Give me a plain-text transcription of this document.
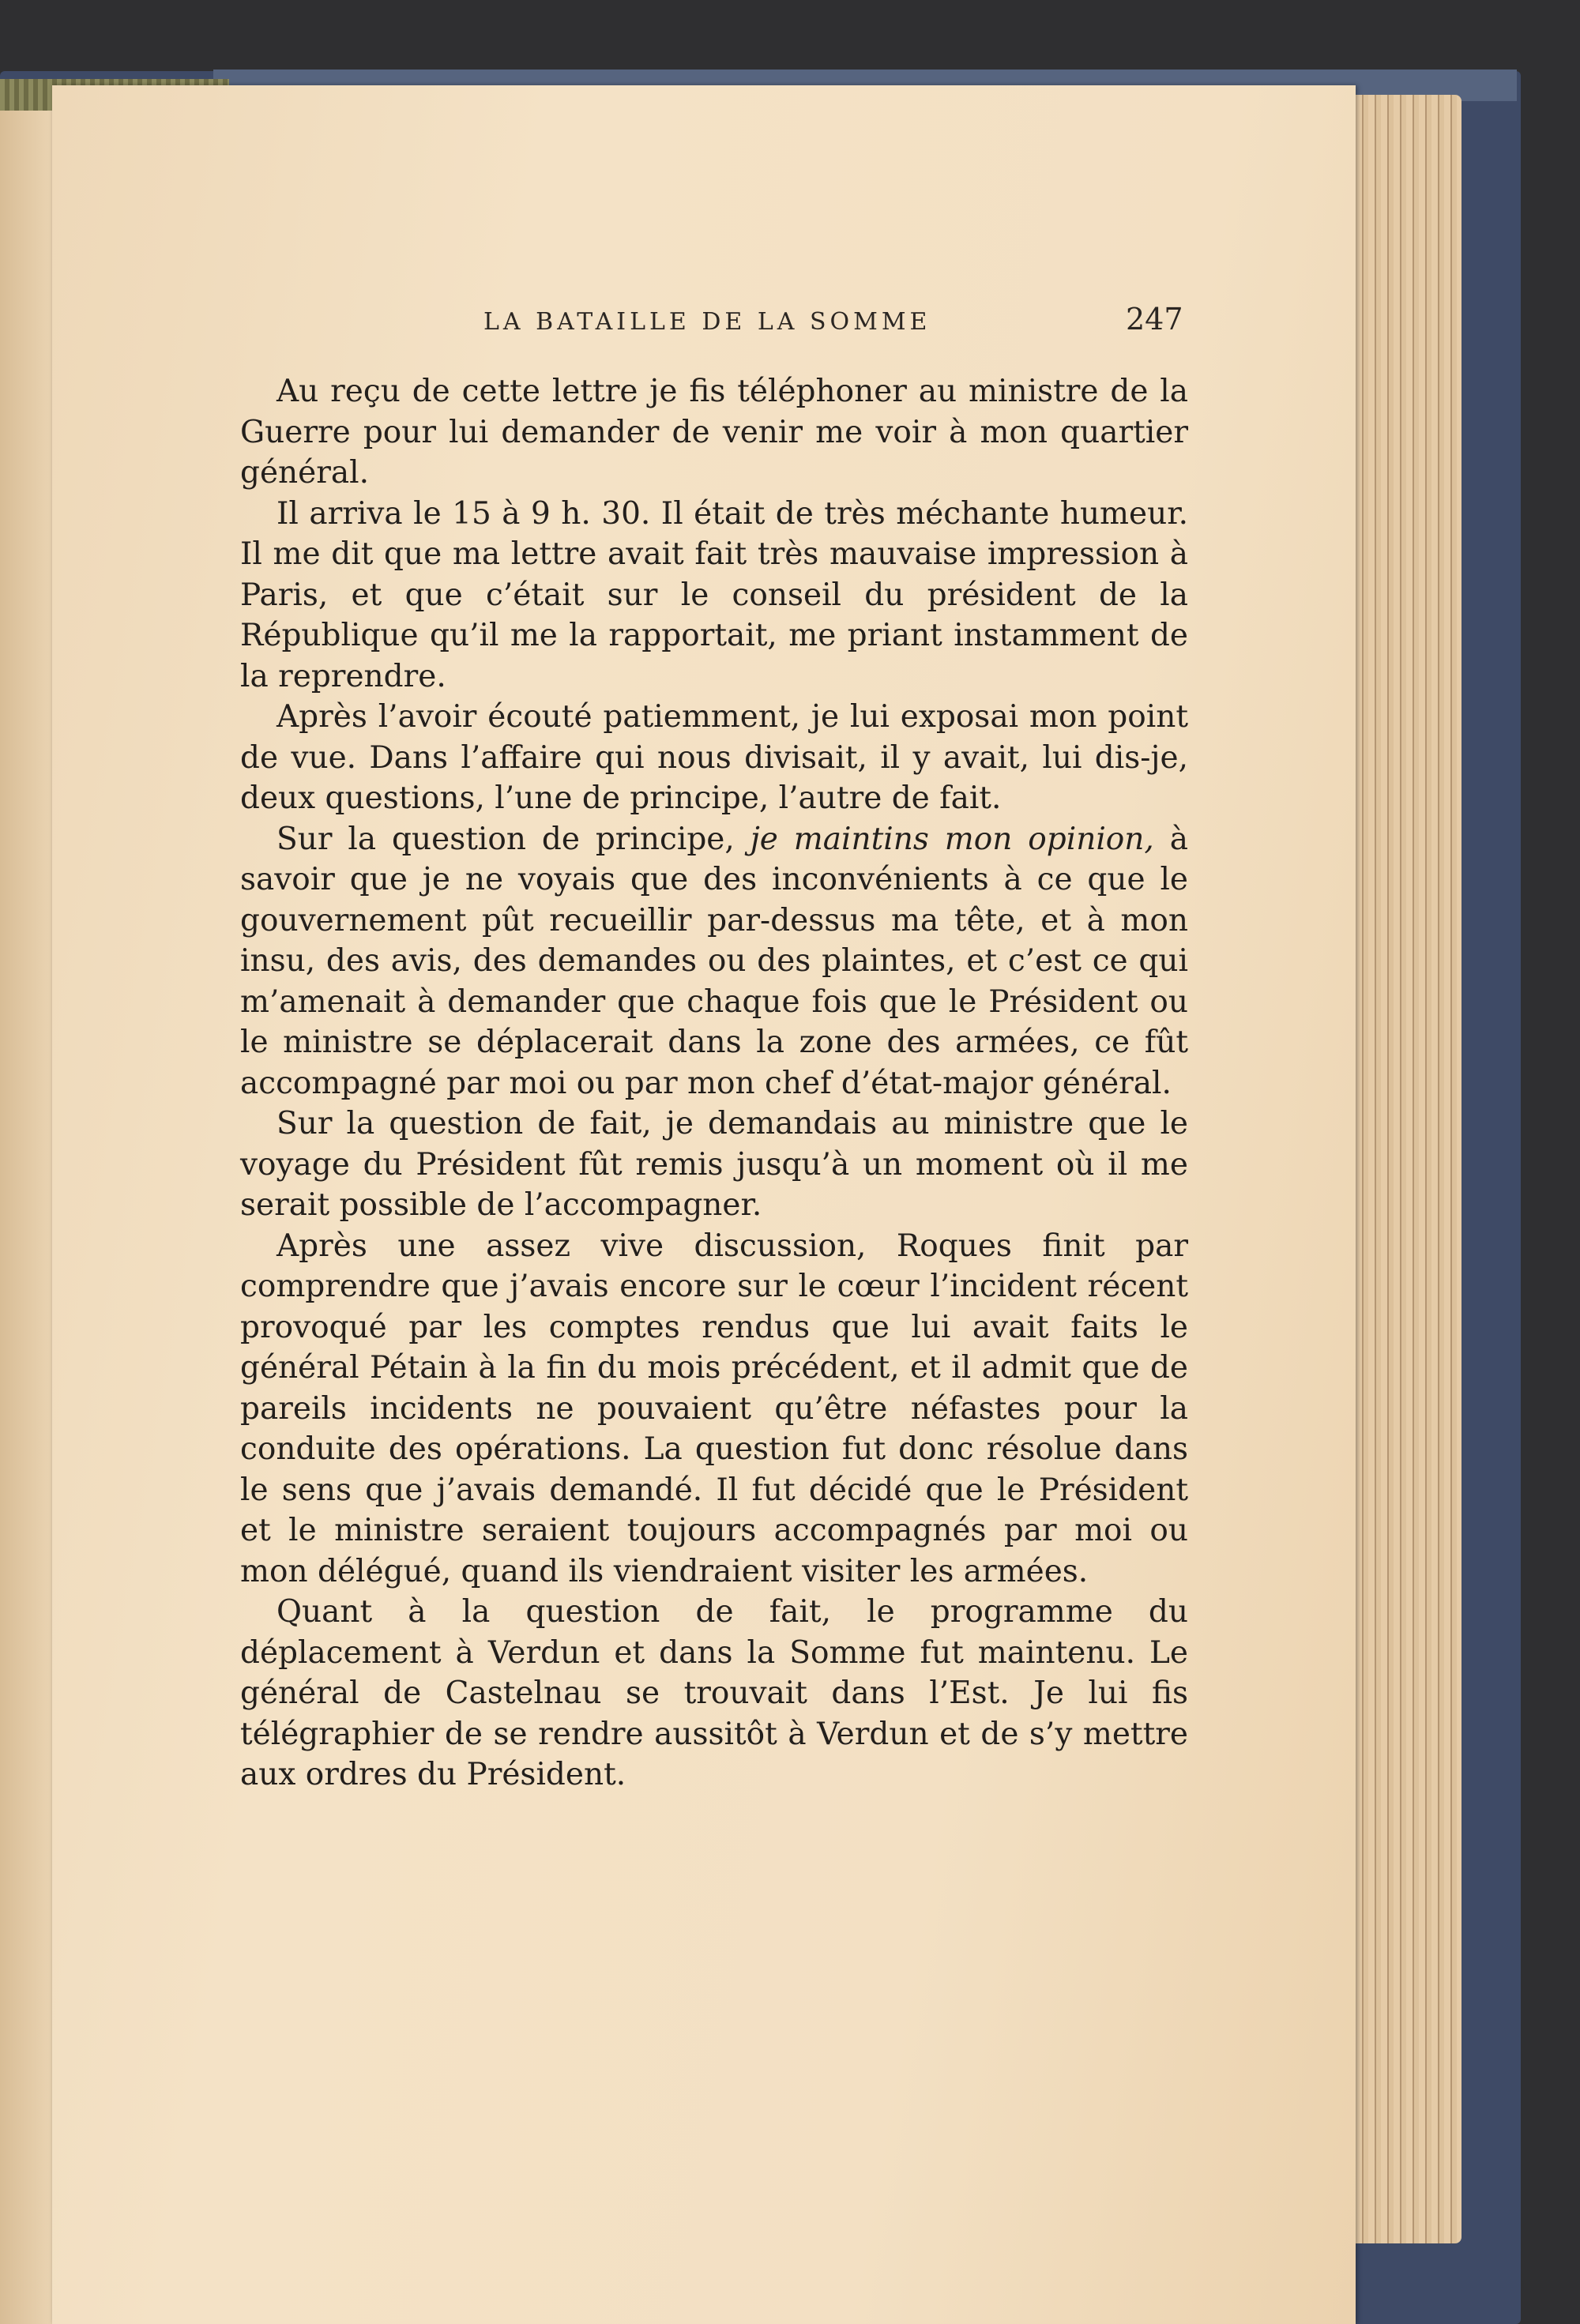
LA BATAILLE DE LA SOMME	247

Au reçu de cette lettre je fis téléphoner au ministre de la Guerre pour lui demander de venir me voir à mon quartier général.

Il arriva le 15 à 9 h. 30. Il était de très méchante humeur. Il me dit que ma lettre avait fait très mauvaise impression à Paris, et que c’était sur le conseil du président de la République qu’il me la rapportait, me priant instamment de la reprendre.

Après l’avoir écouté patiemment, je lui exposai mon point de vue. Dans l’affaire qui nous divisait, il y avait, lui dis-je, deux questions, l’une de principe, l’autre de fait.

Sur la question de principe, je maintins mon opinion, à savoir que je ne voyais que des inconvénients à ce que le gouvernement pût recueillir par-dessus ma tête, et à mon insu, des avis, des demandes ou des plaintes, et c’est ce qui m’amenait à demander que chaque fois que le Président ou le ministre se déplacerait dans la zone des armées, ce fût accompagné par moi ou par mon chef d’état-major général.

Sur la question de fait, je demandais au ministre que le voyage du Président fût remis jusqu’à un moment où il me serait possible de l’accompagner.

Après une assez vive discussion, Roques finit par comprendre que j’avais encore sur le cœur l’incident récent provoqué par les comptes rendus que lui avait faits le général Pétain à la fin du mois précédent, et il admit que de pareils incidents ne pouvaient qu’être néfastes pour la conduite des opérations. La question fut donc résolue dans le sens que j’avais demandé. Il fut décidé que le Président et le ministre seraient toujours accompagnés par moi ou mon délégué, quand ils viendraient visiter les armées.

Quant à la question de fait, le programme du déplacement à Verdun et dans la Somme fut maintenu. Le général de Castelnau se trouvait dans l’Est. Je lui fis télégraphier de se rendre aussitôt à Verdun et de s’y mettre aux ordres du Président.
